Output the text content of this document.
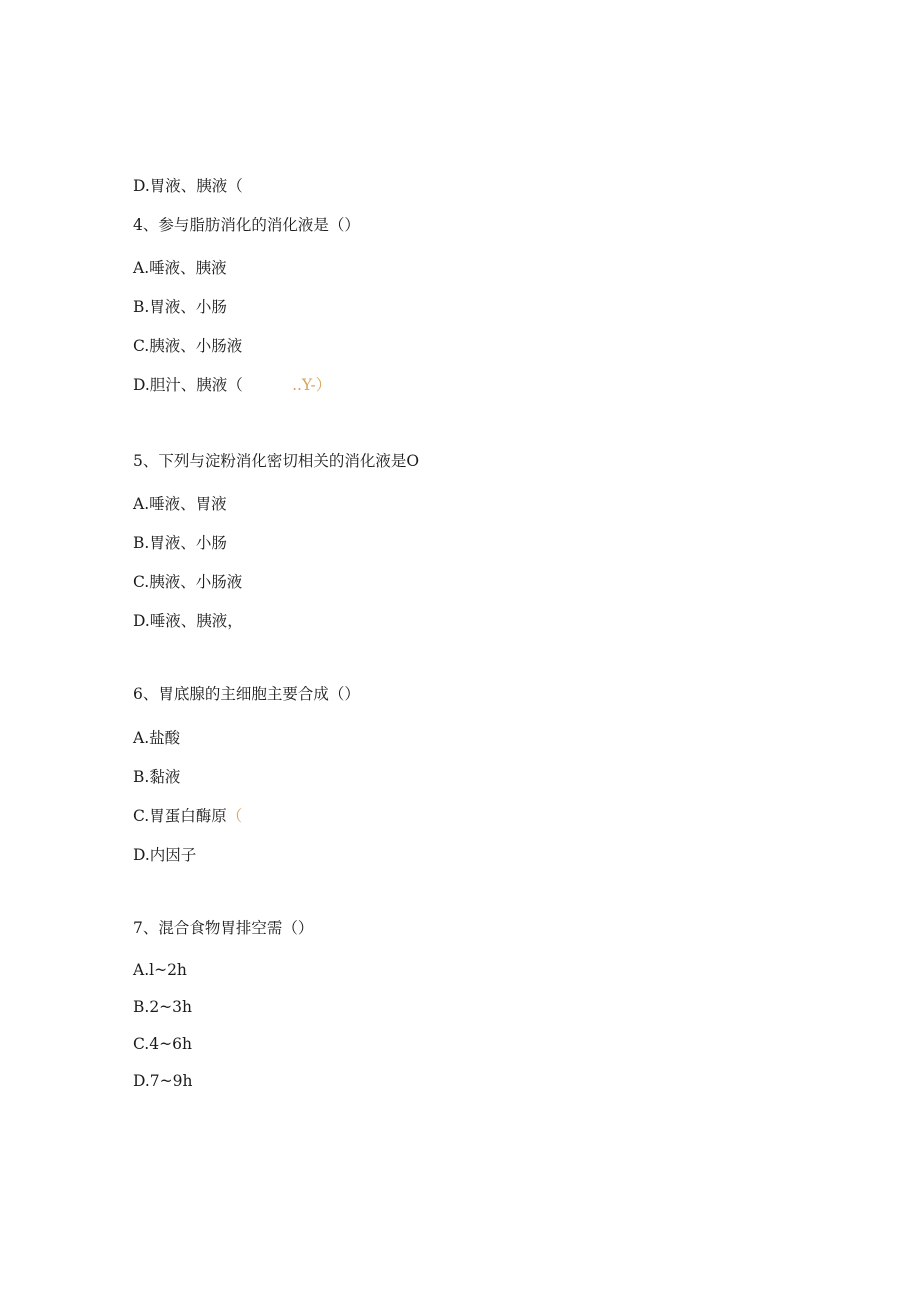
D.胃液、胰液（
4、参与脂肪消化的消化液是（）
A.唾液、胰液
B.胃液、小肠
C.胰液、小肠液
D.胆汁、胰液（          ..Y-）
5、下列与淀粉消化密切相关的消化液是O
A.唾液、胃液
B.胃液、小肠
C.胰液、小肠液
D.唾液、胰液，
6、胃底腺的主细胞主要合成（）
A.盐酸
B.黏液
C.胃蛋白酶原（
D.内因子
7、混合食物胃排空需（）
A.l~2h
B.2~3h
C.4~6h
D.7~9h
